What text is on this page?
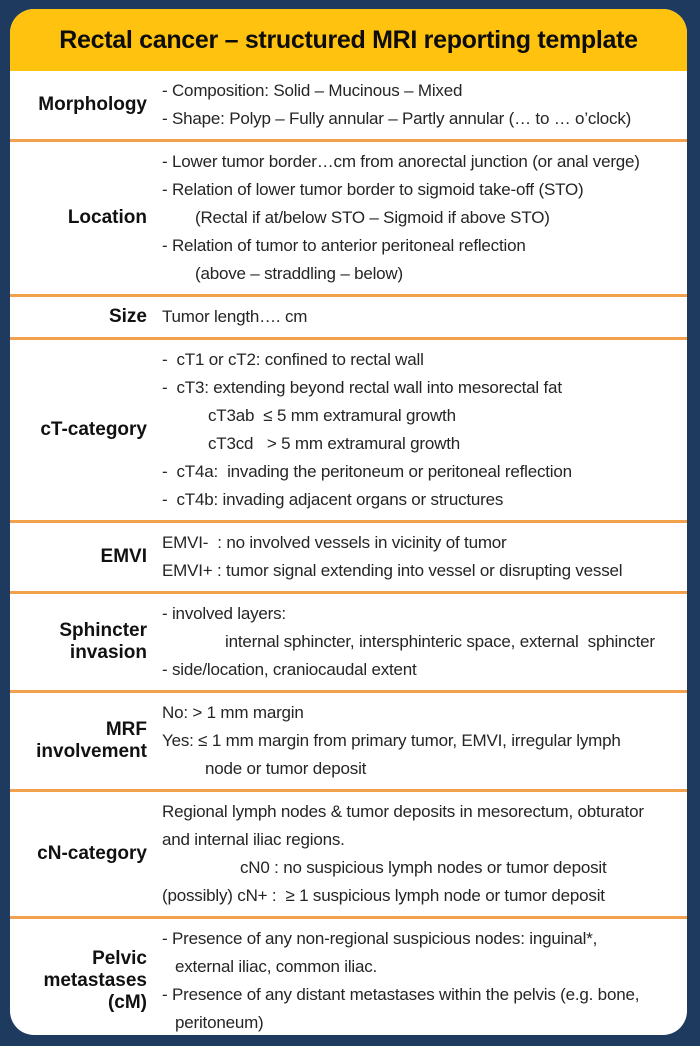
Rectal cancer – structured MRI reporting template
Morphology
- Composition: Solid – Mucinous – Mixed
- Shape: Polyp – Fully annular – Partly annular (… to … o’clock)
Location
- Lower tumor border…cm from anorectal junction (or anal verge)
- Relation of lower tumor border to sigmoid take-off (STO)
(Rectal if at/below STO – Sigmoid if above STO)
- Relation of tumor to anterior peritoneal reflection
(above – straddling – below)
Size Tumor length…. cm
cT-category
-  cT1 or cT2: confined to rectal wall
-  cT3: extending beyond rectal wall into mesorectal fat
cT3ab  ≤ 5 mm extramural growth
cT3cd   > 5 mm extramural growth
-  cT4a:  invading the peritoneum or peritoneal reflection
-  cT4b: invading adjacent organs or structures
EMVI
EMVI-  : no involved vessels in vicinity of tumor
EMVI+ : tumor signal extending into vessel or disrupting vessel
Sphincter invasion
- involved layers:
internal sphincter, intersphinteric space, external  sphincter
- side/location, craniocaudal extent
MRF involvement
No: > 1 mm margin
Yes: ≤ 1 mm margin from primary tumor, EMVI, irregular lymph
node or tumor deposit
cN-category
Regional lymph nodes & tumor deposits in mesorectum, obturator
and internal iliac regions.
cN0 : no suspicious lymph nodes or tumor deposit
(possibly) cN+ :  ≥ 1 suspicious lymph node or tumor deposit
Pelvic metastases (cM)
- Presence of any non-regional suspicious nodes: inguinal*,
external iliac, common iliac.
- Presence of any distant metastases within the pelvis (e.g. bone,
peritoneum)
